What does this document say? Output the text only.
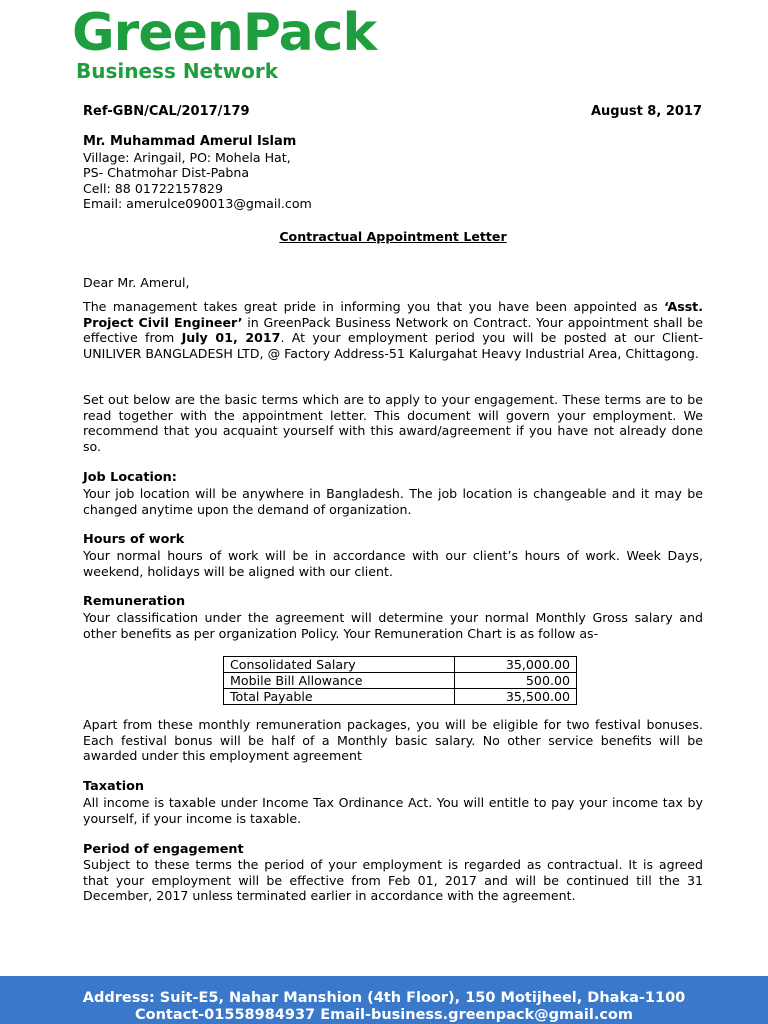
GreenPack
Business Network
Ref-GBN/CAL/2017/179	August 8, 2017
Mr. Muhammad Amerul Islam
Village: Aringail, PO: Mohela Hat,
PS- Chatmohar Dist-Pabna
Cell: 88 01722157829
Email: amerulce090013@gmail.com
Contractual Appointment Letter
Dear Mr. Amerul,

The management takes great pride in informing you that you have been appointed as ‘Asst. Project Civil Engineer’ in GreenPack Business Network on Contract. Your appointment shall be effective from July 01, 2017. At your employment period you will be posted at our Client-UNILIVER BANGLADESH LTD, @ Factory Address-51 Kalurgahat Heavy Industrial Area, Chittagong.

Set out below are the basic terms which are to apply to your engagement. These terms are to be read together with the appointment letter. This document will govern your employment. We recommend that you acquaint yourself with this award/agreement if you have not already done so.

Job Location:

Your job location will be anywhere in Bangladesh. The job location is changeable and it may be changed anytime upon the demand of organization.

Hours of work

Your normal hours of work will be in accordance with our client’s hours of work. Week Days, weekend, holidays will be aligned with our client.

Remuneration

Your classification under the agreement will determine your normal Monthly Gross salary and other benefits as per organization Policy. Your Remuneration Chart is as follow as-

Consolidated Salary	35,000.00
Mobile Bill Allowance	500.00
Total Payable	35,500.00

Apart from these monthly remuneration packages, you will be eligible for two festival bonuses. Each festival bonus will be half of a Monthly basic salary. No other service benefits will be awarded under this employment agreement

Taxation

All income is taxable under Income Tax Ordinance Act. You will entitle to pay your income tax by yourself, if your income is taxable.

Period of engagement

Subject to these terms the period of your employment is regarded as contractual. It is agreed that your employment will be effective from Feb 01, 2017 and will be continued till the 31 December, 2017 unless terminated earlier in accordance with the agreement.

Address: Suit-E5, Nahar Manshion (4th Floor), 150 Motijheel, Dhaka-1100
Contact-01558984937 Email-business.greenpack@gmail.com
